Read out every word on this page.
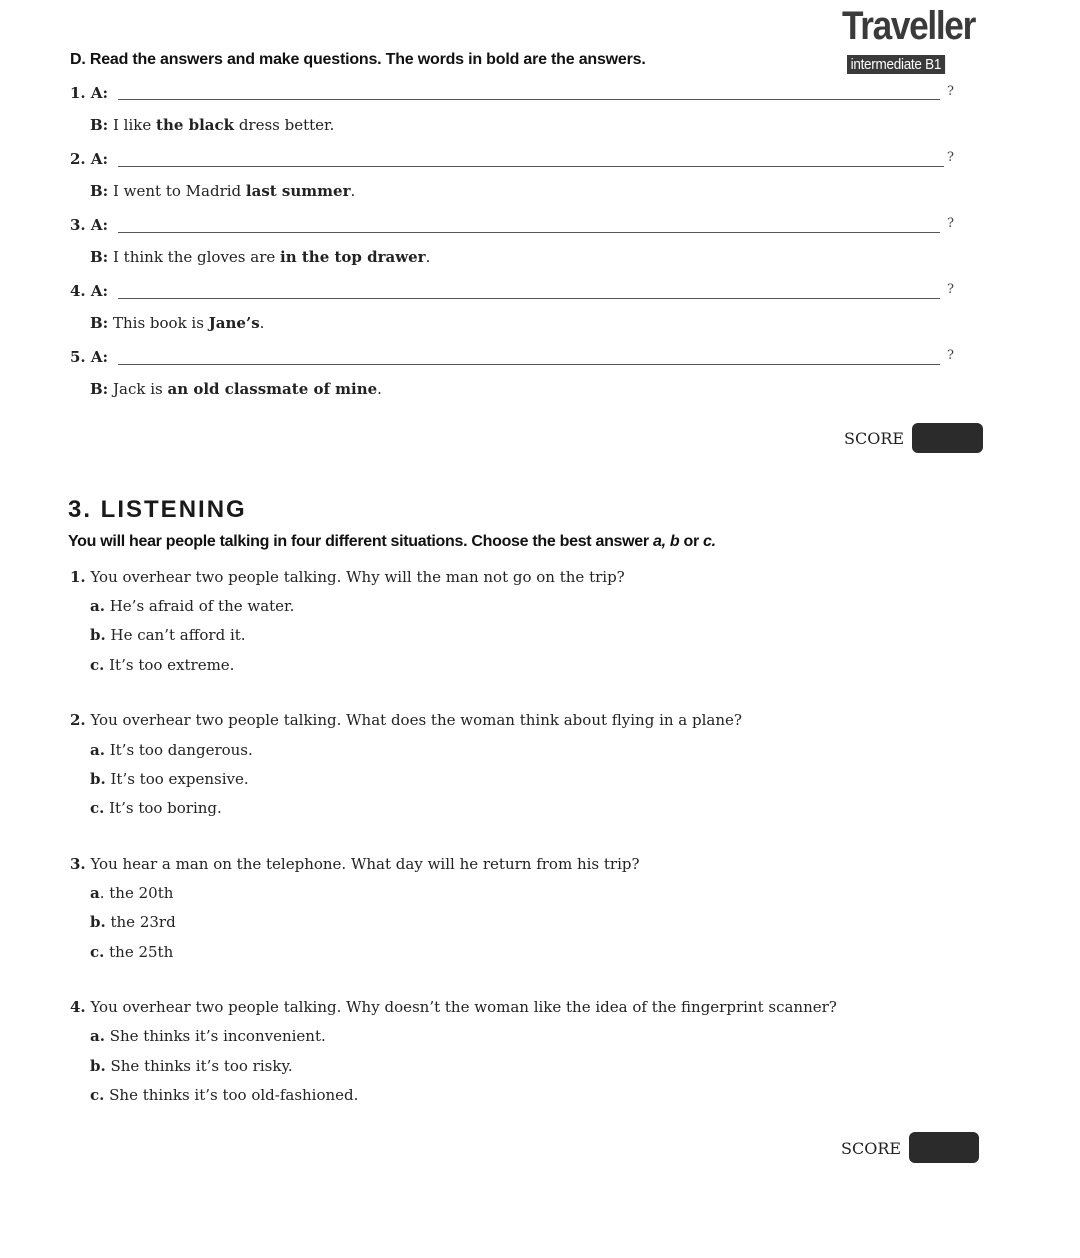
Traveller
intermediate B1
D. Read the answers and make questions. The words in bold are the answers.
1. A:	?
B: I like the black dress better.
2. A:	?
B: I went to Madrid last summer.
3. A:	?
B: I think the gloves are in the top drawer.
4. A:	?
B: This book is Jane’s.
5. A:	?
B: Jack is an old classmate of mine.
SCORE
3. LISTENING
You will hear people talking in four different situations. Choose the best answer a, b or c.
1. You overhear two people talking. Why will the man not go on the trip?
a. He’s afraid of the water.
b. He can’t afford it.
c. It’s too extreme.
2. You overhear two people talking. What does the woman think about flying in a plane?
a. It’s too dangerous.
b. It’s too expensive.
c. It’s too boring.
3. You hear a man on the telephone. What day will he return from his trip?
a. the 20th
b. the 23rd
c. the 25th
4. You overhear two people talking. Why doesn’t the woman like the idea of the fingerprint scanner?
a. She thinks it’s inconvenient.
b. She thinks it’s too risky.
c. She thinks it’s too old-fashioned.
SCORE
